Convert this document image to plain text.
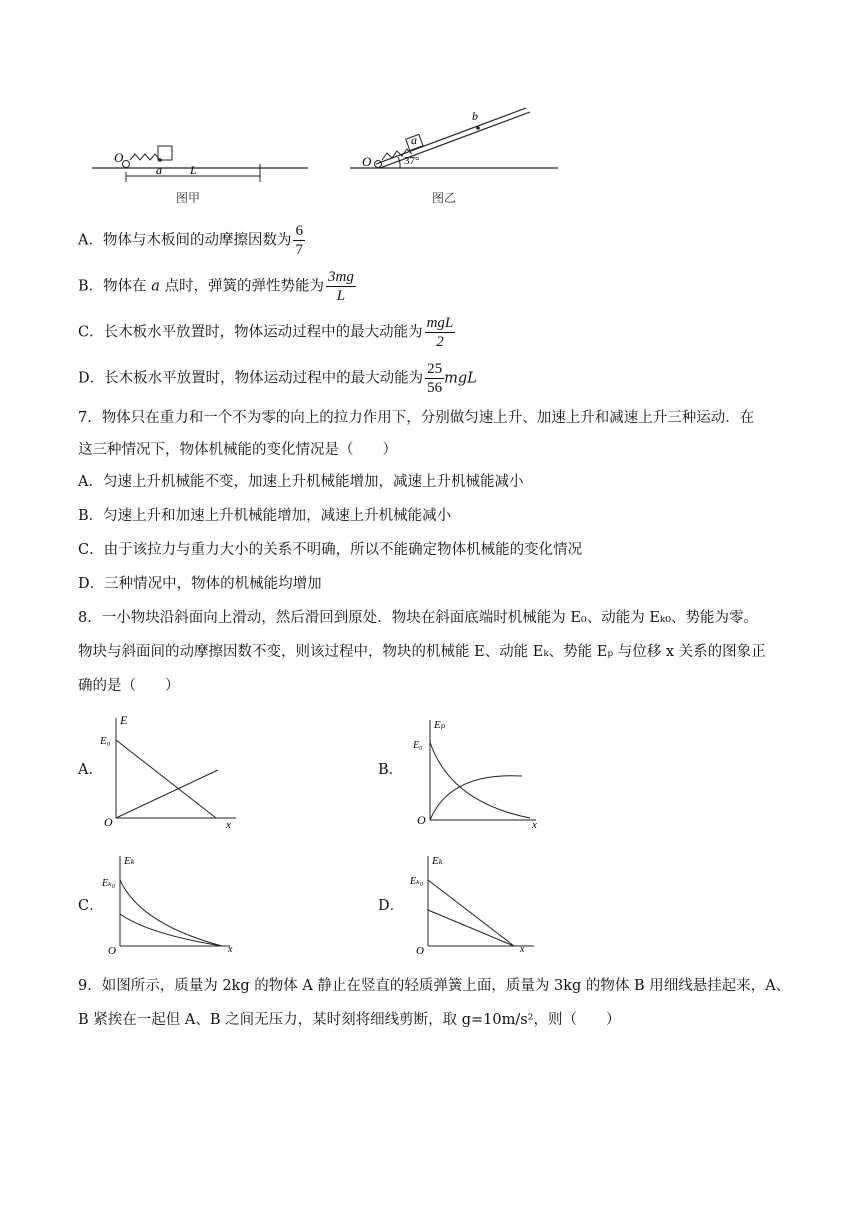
O
a L
图甲
O
a
b
37°
图乙
A．物体与木板间的动摩擦因数为 $\frac{6}{7}$
B．物体在 a 点时，弹簧的弹性势能为 $\frac{3mg}{L}$
C．长木板水平放置时，物体运动过程中的最大动能为 $\frac{\text{mgL}}{2}$
D．长木板水平放置时，物体运动过程中的最大动能为 $\frac{25}{56}$ mgL
7．物体只在重力和一个不为零的向上的拉力作用下，分别做匀速上升、加速上升和减速上升三种运动．在
这三种情况下，物体机械能的变化情况是（　　）
A．匀速上升机械能不变，加速上升机械能增加，减速上升机械能减小
B．匀速上升和加速上升机械能增加，减速上升机械能减小
C．由于该拉力与重力大小的关系不明确，所以不能确定物体机械能的变化情况
D．三种情况中，物体的机械能均增加
8．一小物块沿斜面向上滑动，然后滑回到原处．物块在斜面底端时机械能为 E₀、动能为 Eₖ₀、势能为零。
物块与斜面间的动摩擦因数不变，则该过程中，物块的机械能 E、动能 Eₖ、势能 Eₚ 与位移 x 关系的图象正
确的是（　　）
A．	B．
C．	D．
E
E₀
O	x
Eₚ
E₀
O	x
Eₖ
Eₖ₀
O	x
Eₖ
Eₖ₀
O	x
9．如图所示，质量为 2kg 的物体 A 静止在竖直的轻质弹簧上面，质量为 3kg 的物体 B 用细线悬挂起来，A、
B 紧挨在一起但 A、B 之间无压力，某时刻将细线剪断，取 g=10m/s²，则（　　）
